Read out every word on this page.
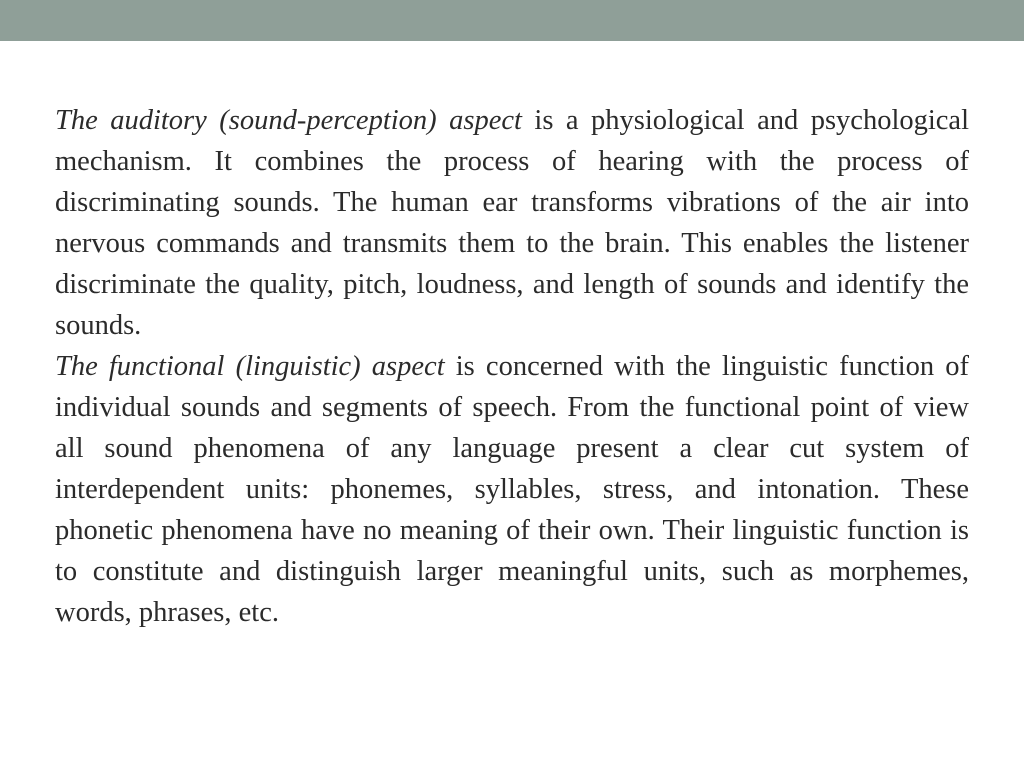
The auditory (sound-perception) aspect is a physiological and psychological mechanism. It combines the process of hearing with the process of discriminating sounds. The human ear transforms vibrations of the air into nervous commands and transmits them to the brain. This enables the listener discriminate the quality, pitch, loudness, and length of sounds and identify the sounds.

The functional (linguistic) aspect is concerned with the linguistic function of individual sounds and segments of speech. From the functional point of view all sound phenomena of any language present a clear cut system of interdependent units: phonemes, syllables, stress, and intonation. These phonetic phenomena have no meaning of their own. Their linguistic function is to constitute and distinguish larger meaningful units, such as morphemes, words, phrases, etc.
